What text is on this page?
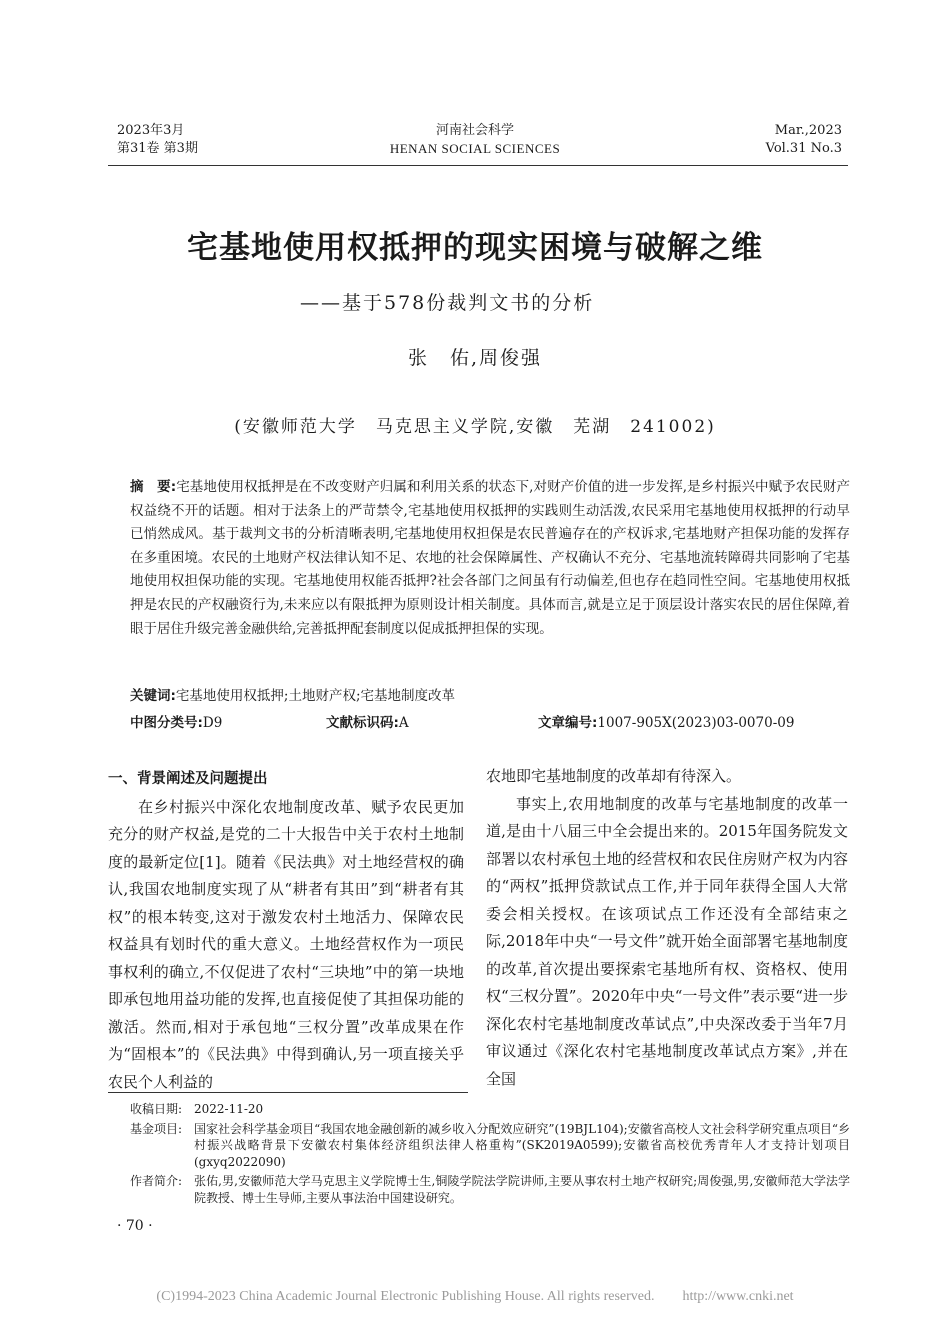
2023年3月
第31卷 第3期
河南社会科学
HENAN SOCIAL SCIENCES
Mar.,2023
Vol.31 No.3
宅基地使用权抵押的现实困境与破解之维
——基于578份裁判文书的分析
张　佑,周俊强
(安徽师范大学　马克思主义学院,安徽　芜湖　241002)
摘　要:宅基地使用权抵押是在不改变财产归属和利用关系的状态下,对财产价值的进一步发挥,是乡村振兴中赋予农民财产权益绕不开的话题。相对于法条上的严苛禁令,宅基地使用权抵押的实践则生动活泼,农民采用宅基地使用权抵押的行动早已悄然成风。基于裁判文书的分析清晰表明,宅基地使用权担保是农民普遍存在的产权诉求,宅基地财产担保功能的发挥存在多重困境。农民的土地财产权法律认知不足、农地的社会保障属性、产权确认不充分、宅基地流转障碍共同影响了宅基地使用权担保功能的实现。宅基地使用权能否抵押?社会各部门之间虽有行动偏差,但也存在趋同性空间。宅基地使用权抵押是农民的产权融资行为,未来应以有限抵押为原则设计相关制度。具体而言,就是立足于顶层设计落实农民的居住保障,着眼于居住升级完善金融供给,完善抵押配套制度以促成抵押担保的实现。
关键词:宅基地使用权抵押;土地财产权;宅基地制度改革
中图分类号:D9	文献标识码:A	文章编号:1007-905X(2023)03-0070-09
一、背景阐述及问题提出

在乡村振兴中深化农地制度改革、赋予农民更加充分的财产权益,是党的二十大报告中关于农村土地制度的最新定位[1]。随着《民法典》对土地经营权的确认,我国农地制度实现了从“耕者有其田”到“耕者有其权”的根本转变,这对于激发农村土地活力、保障农民权益具有划时代的重大意义。土地经营权作为一项民事权利的确立,不仅促进了农村“三块地”中的第一块地即承包地用益功能的发挥,也直接促使了其担保功能的激活。然而,相对于承包地“三权分置”改革成果在作为“固根本”的《民法典》中得到确认,另一项直接关乎农民个人利益的

农地即宅基地制度的改革却有待深入。

事实上,农用地制度的改革与宅基地制度的改革一道,是由十八届三中全会提出来的。2015年国务院发文部署以农村承包土地的经营权和农民住房财产权为内容的“两权”抵押贷款试点工作,并于同年获得全国人大常委会相关授权。在该项试点工作还没有全部结束之际,2018年中央“一号文件”就开始全面部署宅基地制度的改革,首次提出要探索宅基地所有权、资格权、使用权“三权分置”。2020年中央“一号文件”表示要“进一步深化农村宅基地制度改革试点”,中央深改委于当年7月审议通过《深化农村宅基地制度改革试点方案》,并在全国

收稿日期: 2022-11-20
基金项目: 国家社会科学基金项目“我国农地金融创新的减乡收入分配效应研究”(19BJL104);安徽省高校人文社会科学研究重点项目“乡村振兴战略背景下安徽农村集体经济组织法律人格重构”(SK2019A0599);安徽省高校优秀青年人才支持计划项目(gxyq2022090)
作者简介: 张佑,男,安徽师范大学马克思主义学院博士生,铜陵学院法学院讲师,主要从事农村土地产权研究;周俊强,男,安徽师范大学法学院教授、博士生导师,主要从事法治中国建设研究。
· 70 ·
(C)1994-2023 China Academic Journal Electronic Publishing House. All rights reserved.　　http://www.cnki.net
